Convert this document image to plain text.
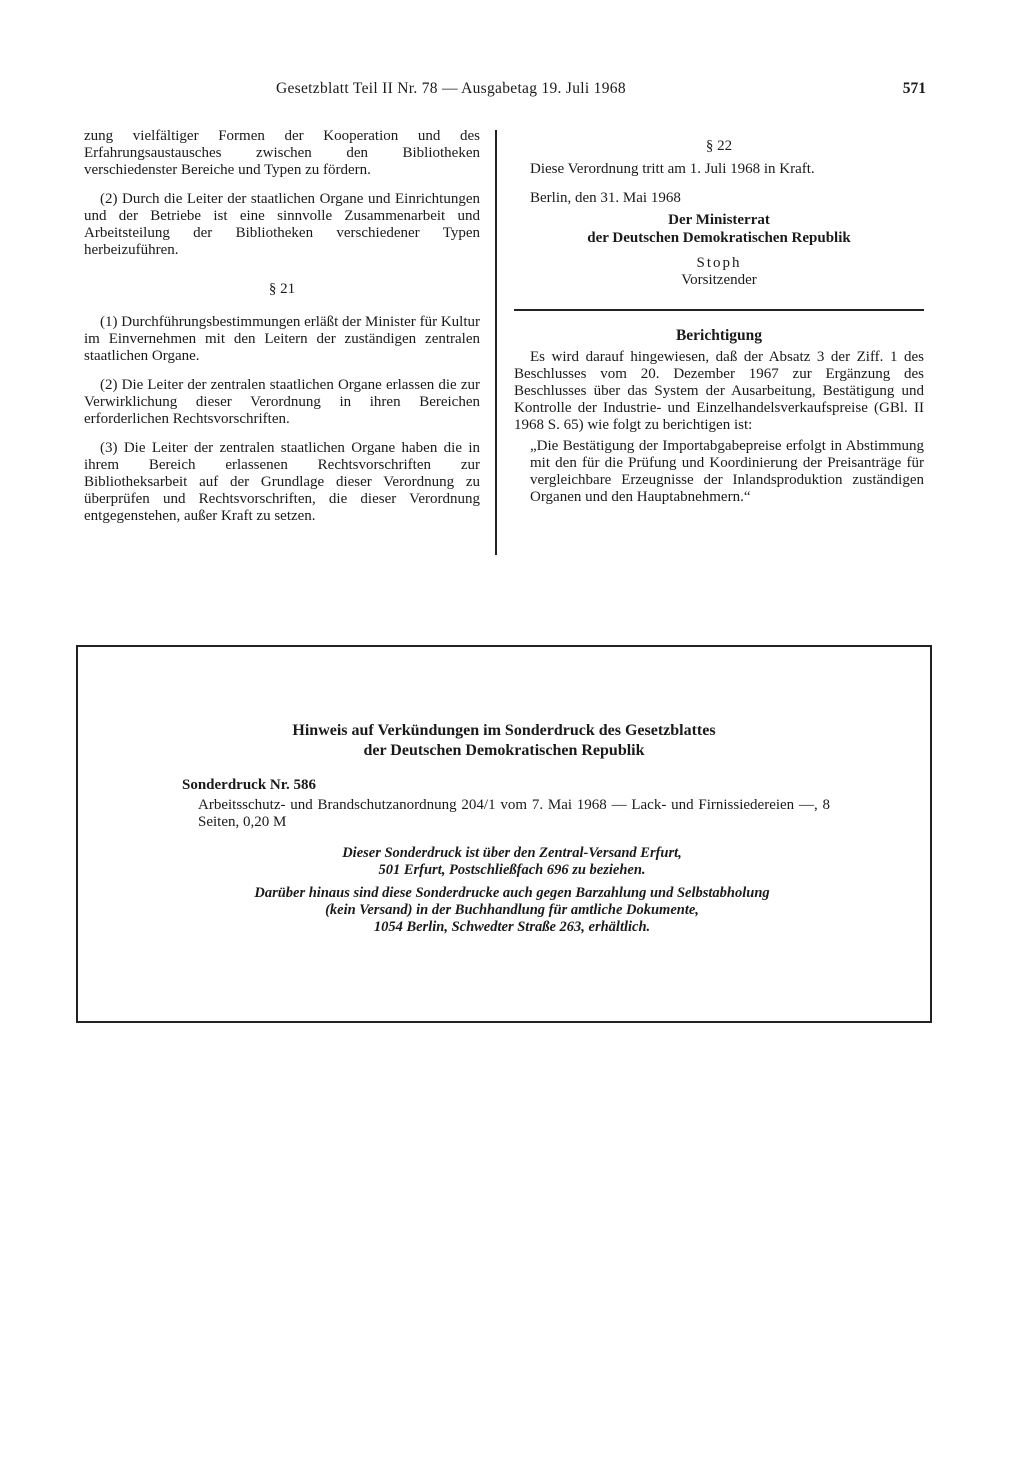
Gesetzblatt Teil II Nr. 78 — Ausgabetag 19. Juli 1968	571

zung vielfältiger Formen der Kooperation und des Erfahrungsaustausches zwischen den Bibliotheken verschiedenster Bereiche und Typen zu fördern.

(2) Durch die Leiter der staatlichen Organe und Einrichtungen und der Betriebe ist eine sinnvolle Zusammenarbeit und Arbeitsteilung der Bibliotheken verschiedener Typen herbeizuführen.

§ 21

(1) Durchführungsbestimmungen erläßt der Minister für Kultur im Einvernehmen mit den Leitern der zuständigen zentralen staatlichen Organe.

(2) Die Leiter der zentralen staatlichen Organe erlassen die zur Verwirklichung dieser Verordnung in ihren Bereichen erforderlichen Rechtsvorschriften.

(3) Die Leiter der zentralen staatlichen Organe haben die in ihrem Bereich erlassenen Rechtsvorschriften zur Bibliotheksarbeit auf der Grundlage dieser Verordnung zu überprüfen und Rechtsvorschriften, die dieser Verordnung entgegenstehen, außer Kraft zu setzen.

§ 22

Diese Verordnung tritt am 1. Juli 1968 in Kraft.

Berlin, den 31. Mai 1968

Der Ministerrat
der Deutschen Demokratischen Republik

Stoph

Vorsitzender

Berichtigung

Es wird darauf hingewiesen, daß der Absatz 3 der Ziff. 1 des Beschlusses vom 20. Dezember 1967 zur Ergänzung des Beschlusses über das System der Ausarbeitung, Bestätigung und Kontrolle der Industrie- und Einzelhandelsverkaufspreise (GBl. II 1968 S. 65) wie folgt zu berichtigen ist:

„Die Bestätigung der Importabgabepreise erfolgt in Abstimmung mit den für die Prüfung und Koordinierung der Preisanträge für vergleichbare Erzeugnisse der Inlandsproduktion zuständigen Organen und den Hauptabnehmern.“

Hinweis auf Verkündungen im Sonderdruck des Gesetzblattes
der Deutschen Demokratischen Republik
Sonderdruck Nr. 586

Arbeitsschutz- und Brandschutzanordnung 204/1 vom 7. Mai 1968 — Lack- und Firnissiedereien —, 8 Seiten, 0,20 M

Dieser Sonderdruck ist über den Zentral-Versand Erfurt,
501 Erfurt, Postschließfach 696 zu beziehen.
Darüber hinaus sind diese Sonderdrucke auch gegen Barzahlung und Selbstabholung
(kein Versand) in der Buchhandlung für amtliche Dokumente,
1054 Berlin, Schwedter Straße 263, erhältlich.
